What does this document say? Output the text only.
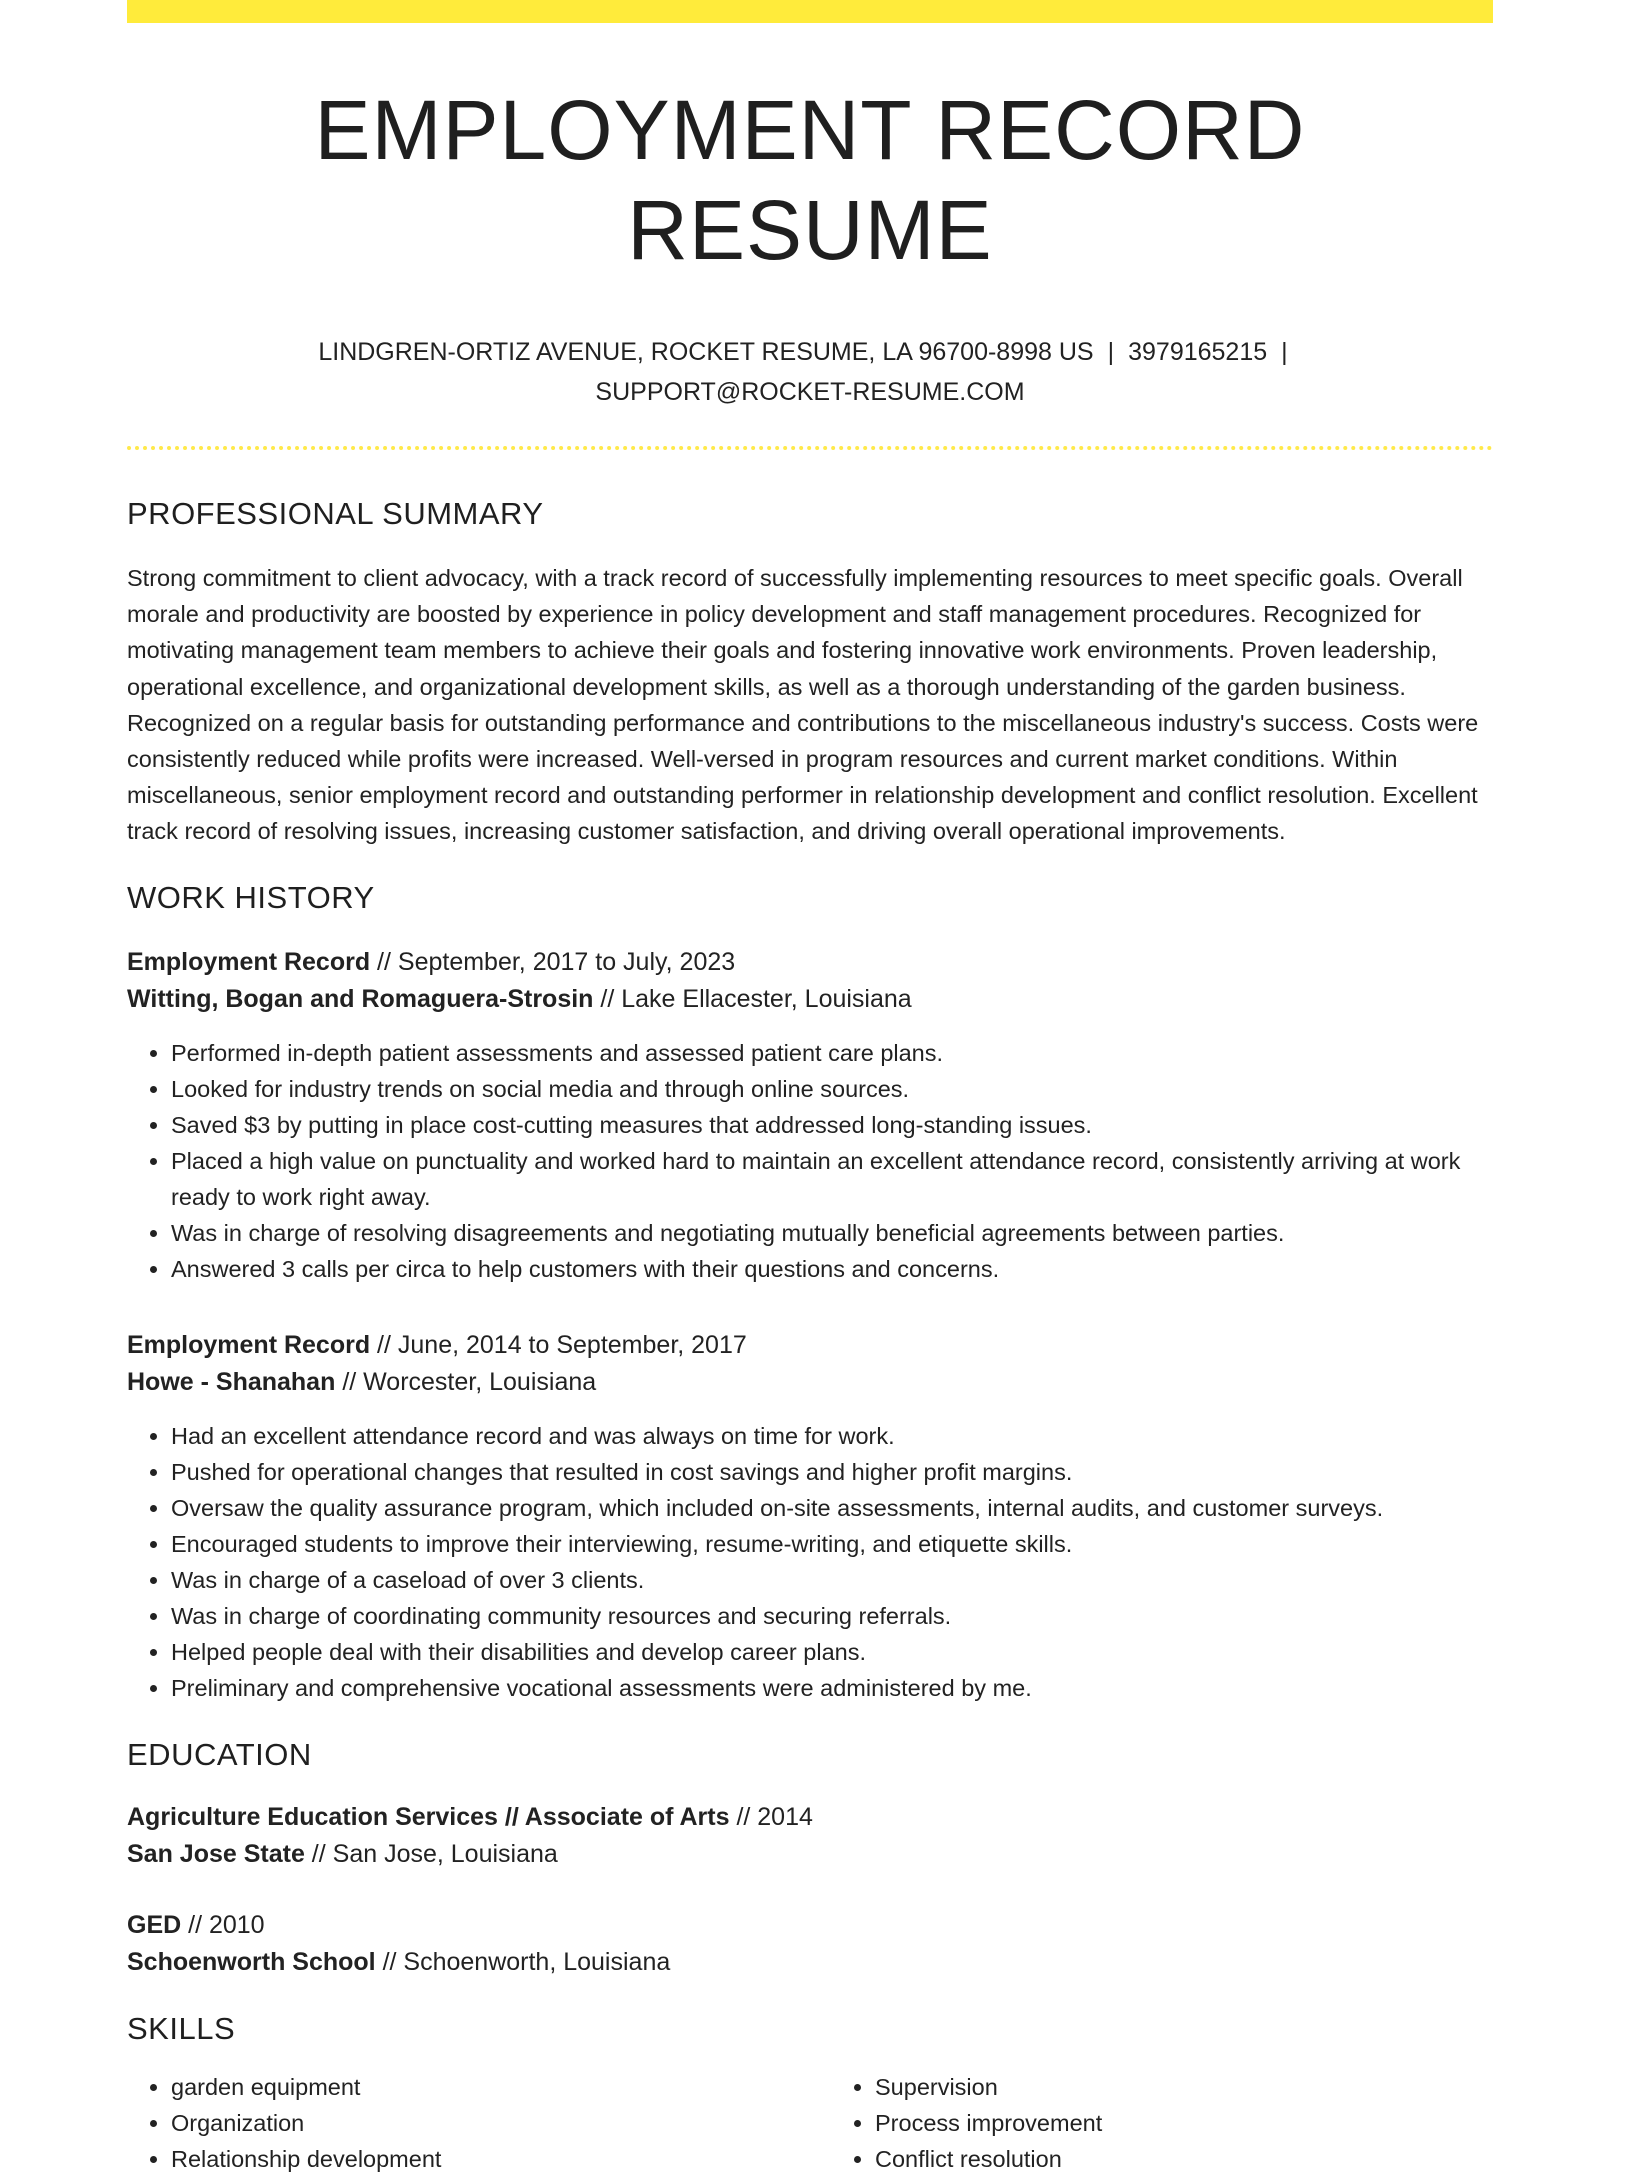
EMPLOYMENT RECORD RESUME
LINDGREN-ORTIZ AVENUE, ROCKET RESUME, LA 96700-8998 US | 3979165215 |
SUPPORT@ROCKET-RESUME.COM
PROFESSIONAL SUMMARY
Strong commitment to client advocacy, with a track record of successfully implementing resources to meet specific goals. Overall morale and productivity are boosted by experience in policy development and staff management procedures. Recognized for motivating management team members to achieve their goals and fostering innovative work environments. Proven leadership, operational excellence, and organizational development skills, as well as a thorough understanding of the garden business. Recognized on a regular basis for outstanding performance and contributions to the miscellaneous industry's success. Costs were consistently reduced while profits were increased. Well-versed in program resources and current market conditions. Within miscellaneous, senior employment record and outstanding performer in relationship development and conflict resolution. Excellent track record of resolving issues, increasing customer satisfaction, and driving overall operational improvements.
WORK HISTORY
Employment Record // September, 2017 to July, 2023
Witting, Bogan and Romaguera-Strosin // Lake Ellacester, Louisiana
• Performed in-depth patient assessments and assessed patient care plans.
• Looked for industry trends on social media and through online sources.
• Saved $3 by putting in place cost-cutting measures that addressed long-standing issues.
• Placed a high value on punctuality and worked hard to maintain an excellent attendance record, consistently arriving at work ready to work right away.
• Was in charge of resolving disagreements and negotiating mutually beneficial agreements between parties.
• Answered 3 calls per circa to help customers with their questions and concerns.
Employment Record // June, 2014 to September, 2017
Howe - Shanahan // Worcester, Louisiana
• Had an excellent attendance record and was always on time for work.
• Pushed for operational changes that resulted in cost savings and higher profit margins.
• Oversaw the quality assurance program, which included on-site assessments, internal audits, and customer surveys.
• Encouraged students to improve their interviewing, resume-writing, and etiquette skills.
• Was in charge of a caseload of over 3 clients.
• Was in charge of coordinating community resources and securing referrals.
• Helped people deal with their disabilities and develop career plans.
• Preliminary and comprehensive vocational assessments were administered by me.
EDUCATION
Agriculture Education Services // Associate of Arts // 2014
San Jose State // San Jose, Louisiana
GED // 2010
Schoenworth School // Schoenworth, Louisiana
SKILLS
• garden equipment
• Organization
• Relationship development
• Supervision
• Process improvement
• Conflict resolution
